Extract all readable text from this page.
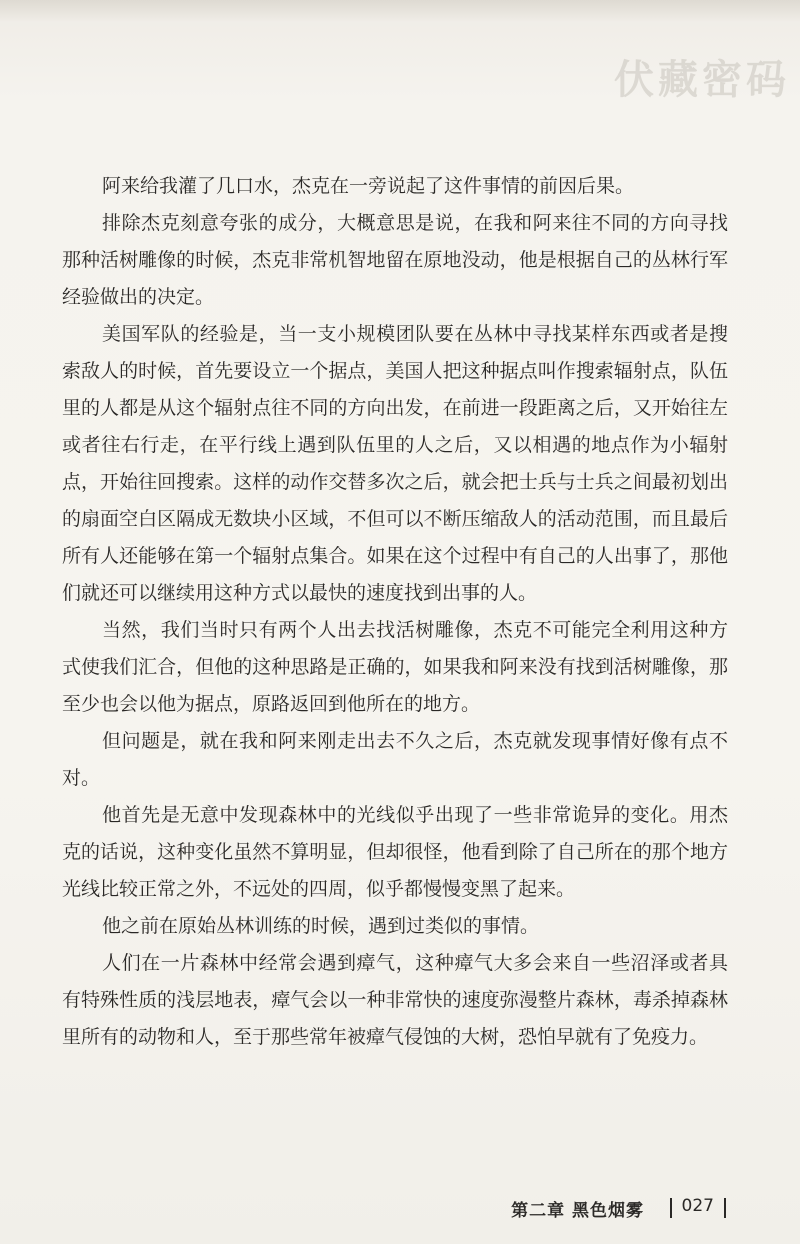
伏藏密码

阿来给我灌了几口水，杰克在一旁说起了这件事情的前因后果。

排除杰克刻意夸张的成分，大概意思是说，在我和阿来往不同的方向寻找那种活树雕像的时候，杰克非常机智地留在原地没动，他是根据自己的丛林行军经验做出的决定。

美国军队的经验是，当一支小规模团队要在丛林中寻找某样东西或者是搜索敌人的时候，首先要设立一个据点，美国人把这种据点叫作搜索辐射点，队伍里的人都是从这个辐射点往不同的方向出发，在前进一段距离之后，又开始往左或者往右行走，在平行线上遇到队伍里的人之后，又以相遇的地点作为小辐射点，开始往回搜索。这样的动作交替多次之后，就会把士兵与士兵之间最初划出的扇面空白区隔成无数块小区域，不但可以不断压缩敌人的活动范围，而且最后所有人还能够在第一个辐射点集合。如果在这个过程中有自己的人出事了，那他们就还可以继续用这种方式以最快的速度找到出事的人。

当然，我们当时只有两个人出去找活树雕像，杰克不可能完全利用这种方式使我们汇合，但他的这种思路是正确的，如果我和阿来没有找到活树雕像，那至少也会以他为据点，原路返回到他所在的地方。

但问题是，就在我和阿来刚走出去不久之后，杰克就发现事情好像有点不对。

他首先是无意中发现森林中的光线似乎出现了一些非常诡异的变化。用杰克的话说，这种变化虽然不算明显，但却很怪，他看到除了自己所在的那个地方光线比较正常之外，不远处的四周，似乎都慢慢变黑了起来。

他之前在原始丛林训练的时候，遇到过类似的事情。

人们在一片森林中经常会遇到瘴气，这种瘴气大多会来自一些沼泽或者具有特殊性质的浅层地表，瘴气会以一种非常快的速度弥漫整片森林，毒杀掉森林里所有的动物和人，至于那些常年被瘴气侵蚀的大树，恐怕早就有了免疫力。

第二章 黑色烟雾 027
